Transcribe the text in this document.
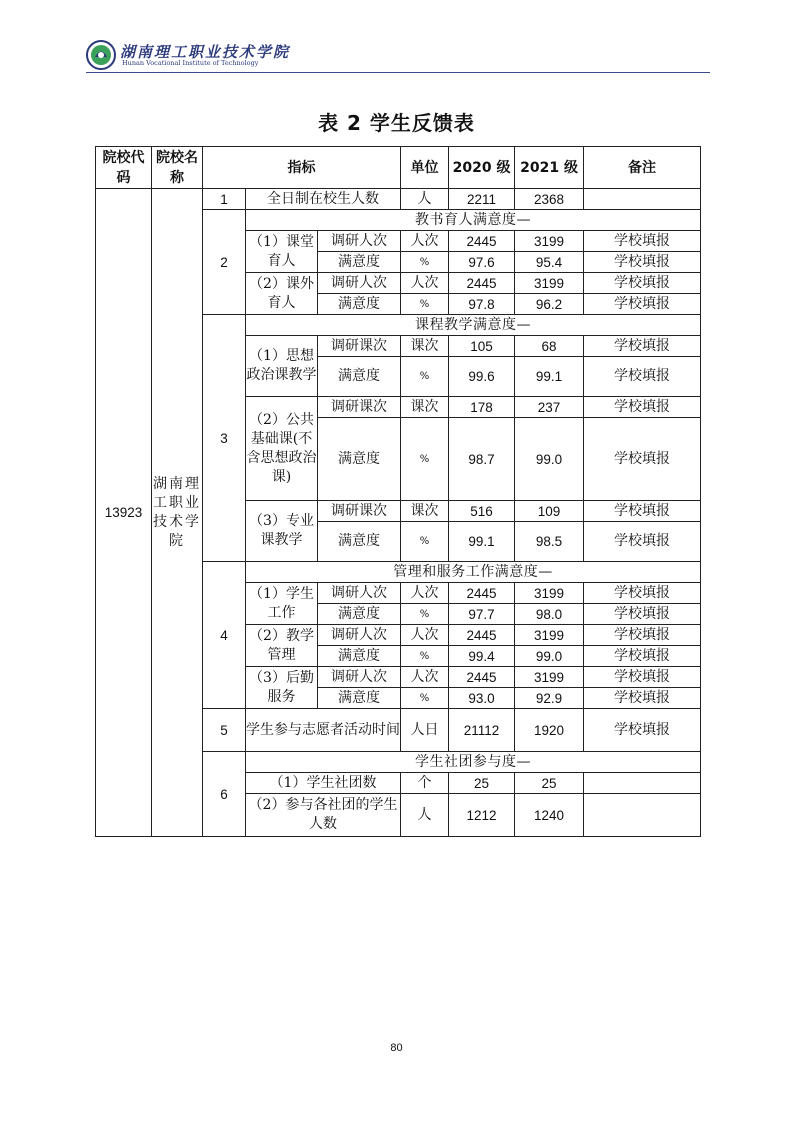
湖南理工职业技术学院
Hunan Vocational Institute of Technology
表 2 学生反馈表
院校代码	院校名称	指标			单位	2020 级	2021 级	备注
13923	湖南理工职业技术学院	1	全日制在校生人数		人	2211	2368	
		2	教书育人满意度—					
			（1）课堂育人	调研人次	人次	2445	3199	学校填报
				满意度	%	97.6	95.4	学校填报
			（2）课外育人	调研人次	人次	2445	3199	学校填报
				满意度	%	97.8	96.2	学校填报
		3	课程教学满意度—					
			（1）思想政治课教学	调研课次	课次	105	68	学校填报
				满意度	%	99.6	99.1	学校填报
			（2）公共基础课(不含思想政治课)	调研课次	课次	178	237	学校填报
				满意度	%	98.7	99.0	学校填报
			（3）专业课教学	调研课次	课次	516	109	学校填报
				满意度	%	99.1	98.5	学校填报
		4	管理和服务工作满意度—					
			（1）学生工作	调研人次	人次	2445	3199	学校填报
				满意度	%	97.7	98.0	学校填报
			（2）教学管理	调研人次	人次	2445	3199	学校填报
				满意度	%	99.4	99.0	学校填报
			（3）后勤服务	调研人次	人次	2445	3199	学校填报
				满意度	%	93.0	92.9	学校填报
		5	学生参与志愿者活动时间		人日	21112	1920	学校填报
		6	学生社团参与度—					
			（1）学生社团数		个	25	25	
			（2）参与各社团的学生人数		人	1212	1240	
80
